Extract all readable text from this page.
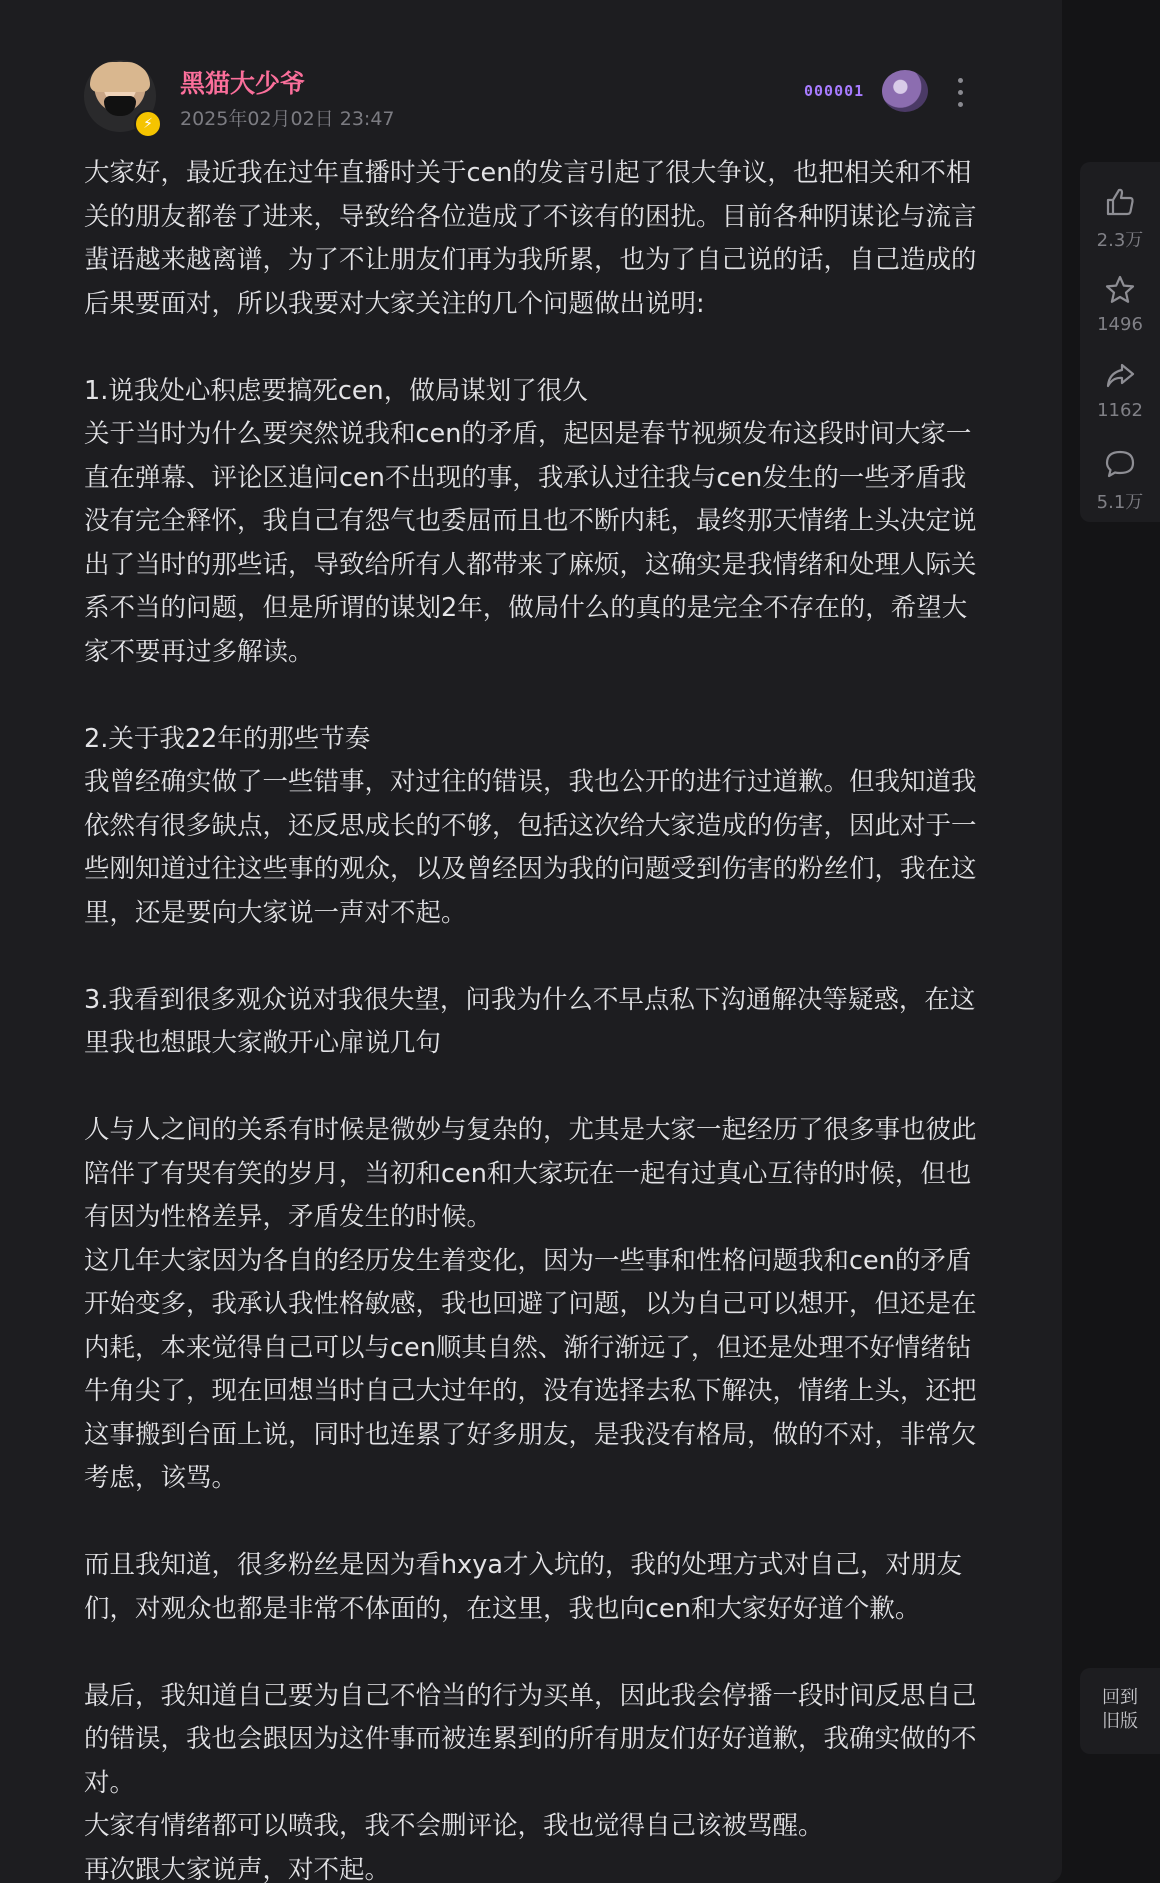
⚡
黑猫大少爷
2025年02月02日 23:47
000001

大家好，最近我在过年直播时关于cen的发言引起了很大争议，也把相关和不相关的朋友都卷了进来，导致给各位造成了不该有的困扰。目前各种阴谋论与流言蜚语越来越离谱，为了不让朋友们再为我所累，也为了自己说的话，自己造成的后果要面对，所以我要对大家关注的几个问题做出说明:

1.说我处心积虑要搞死cen，做局谋划了很久

关于当时为什么要突然说我和cen的矛盾，起因是春节视频发布这段时间大家一直在弹幕、评论区追问cen不出现的事，我承认过往我与cen发生的一些矛盾我没有完全释怀，我自己有怨气也委屈而且也不断内耗，最终那天情绪上头决定说出了当时的那些话，导致给所有人都带来了麻烦，这确实是我情绪和处理人际关系不当的问题，但是所谓的谋划2年，做局什么的真的是完全不存在的，希望大家不要再过多解读。

2.关于我22年的那些节奏

我曾经确实做了一些错事，对过往的错误，我也公开的进行过道歉。但我知道我依然有很多缺点，还反思成长的不够，包括这次给大家造成的伤害，因此对于一些刚知道过往这些事的观众，以及曾经因为我的问题受到伤害的粉丝们，我在这里，还是要向大家说一声对不起。

3.我看到很多观众说对我很失望，问我为什么不早点私下沟通解决等疑惑，在这里我也想跟大家敞开心扉说几句

人与人之间的关系有时候是微妙与复杂的，尤其是大家一起经历了很多事也彼此陪伴了有哭有笑的岁月，当初和cen和大家玩在一起有过真心互待的时候，但也有因为性格差异，矛盾发生的时候。

这几年大家因为各自的经历发生着变化，因为一些事和性格问题我和cen的矛盾开始变多，我承认我性格敏感，我也回避了问题，以为自己可以想开，但还是在内耗，本来觉得自己可以与cen顺其自然、渐行渐远了，但还是处理不好情绪钻牛角尖了，现在回想当时自己大过年的，没有选择去私下解决，情绪上头，还把这事搬到台面上说，同时也连累了好多朋友，是我没有格局，做的不对，非常欠考虑，该骂。

而且我知道，很多粉丝是因为看hxya才入坑的，我的处理方式对自己，对朋友们，对观众也都是非常不体面的，在这里，我也向cen和大家好好道个歉。

最后，我知道自己要为自己不恰当的行为买单，因此我会停播一段时间反思自己的错误，我也会跟因为这件事而被连累到的所有朋友们好好道歉，我确实做的不对。

大家有情绪都可以喷我，我不会删评论，我也觉得自己该被骂醒。

再次跟大家说声，对不起。

2.3万
1496
1162
5.1万
回到
旧版
